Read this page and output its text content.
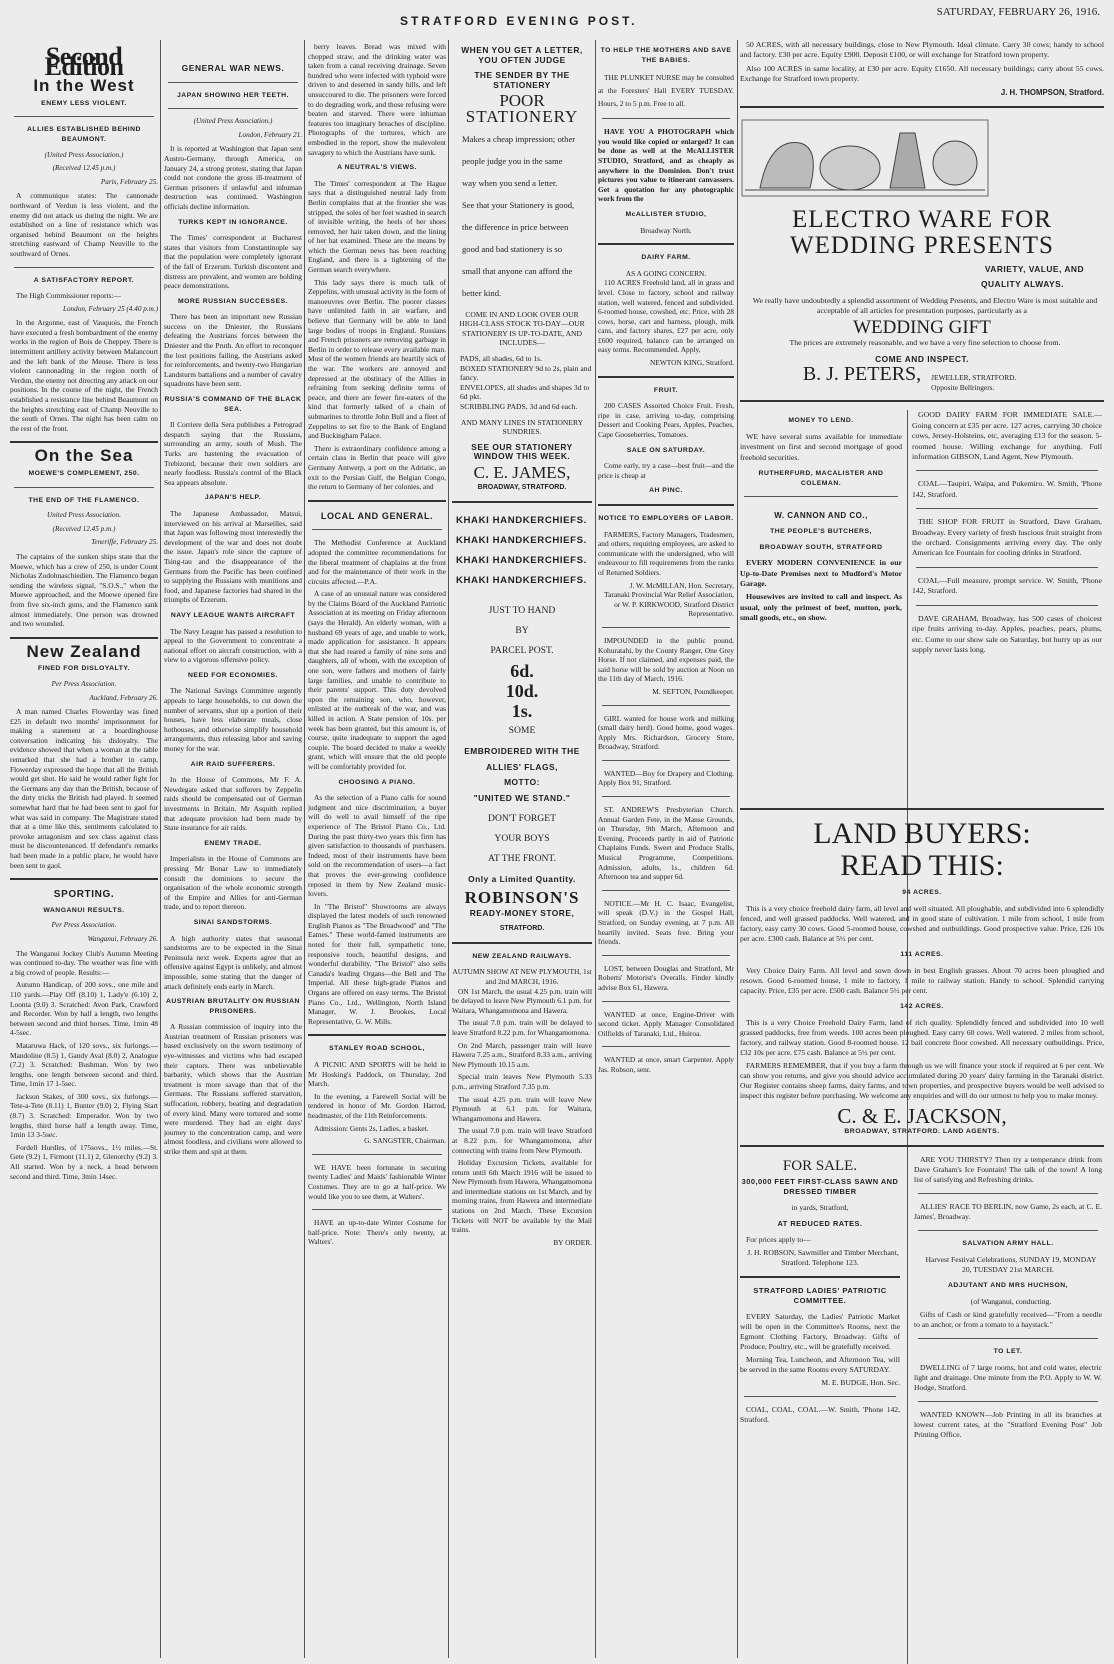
STRATFORD EVENING POST.
SATURDAY, FEBRUARY 26, 1916.
Second Edition
In the West
ENEMY LESS VIOLENT.
ALLIES ESTABLISHED BEHIND BEAUMONT.
(United Press Association.)
(Received 12.45 p.m.)
Paris, February 25.
A communique states: The cannonade northward of Verdun is less violent, and the enemy did not attack us during the night. We are established on a line of resistance which was organised behind Beaumont on the heights stretching eastward of Champ Neuville to the southward of Ornes.
A SATISFACTORY REPORT.
The High Commissioner reports:—
London, February 25 (4.40 p.m.)
In the Argonne, east of Vauquois, the French have executed a fresh bombardment of the enemy works in the region of Bois de Cheppey. There is intermittent artillery activity between Malancourt and the left bank of the Meuse. There is less violent cannonading in the region north of Verdun, the enemy not directing any attack on our positions. In the course of the night, the French established a resistance line behind Beaumont on the heights stretching east of Champ Neuville to the south of Ornes. The night has been calm on the rest of the front.
On the Sea
MOEWE'S COMPLEMENT, 250.
THE END OF THE FLAMENCO.
United Press Association.
(Received 12.45 p.m.)
Teneriffe, February 25.
The captains of the sunken ships state that the Moewe, which has a crew of 250, is under Count Nicholas Zodohnaschiedien. The Flamenco began sending the wireless signal, "S.O.S.," when the Moewe approached, and the Moewe opened fire from five six-inch guns, and the Flamenco sank almost immediately. One person was drowned and two wounded.
New Zealand
FINED FOR DISLOYALTY.
Per Press Association.
Auckland, February 26.
A man named Charles Flowerday was fined £25 in default two months' imprisonment for making a statement at a boardinghouse conversation indicating his disloyalty. The evidence showed that when a woman at the table remarked that she had a brother in camp, Flowerday expressed the hope that all the British would get shot. He said he would rather fight for the Germans any day than the British, because of the dirty tricks the British had played. It seemed somewhat hard that he had been sent to gaol for what was said in company. The Magistrate stated that at a time like this, sentiments calculated to provoke antagonism and sex class against class must be discountenanced. If defendant's remarks had been made in a public place, he would have been sent to gaol.
SPORTING.
WANGANUI RESULTS.
Per Press Association.
Wanganui, February 26.
The Wanganui Jockey Club's Autumn Meeting was continued to-day. The weather was fine with a big crowd of people. Results:—
Autumn Handicap, of 200 sovs., one mile and 110 yards.—Play Off (8.10) 1, Lady'e (6.10) 2, Loonta (9.0) 3. Scratched: Avon Park, Crawford and Recorder. Won by half a length, two lengths between second and third horses. Time, 1min 48 4-5sec.
Mataruwa Hack, of 120 sovs., six furlongs.—Mandoline (8.5) 1, Gandy Aval (8.0) 2, Analogue (7.2) 3. Scratched: Bushman. Won by two lengths, one length between second and third. Time, 1min 17 1-5sec.
Jackson Stakes, of 300 sovs., six furlongs.—Tete-a-Tete (8.11) 1, Bunter (9.0) 2, Flying Start (8.7) 3. Scratched: Emperador. Won by two lengths, third horse half a length away. Time, 1min 13 3-5sec.
Fordell Hurdles, of 175sovs., 1½ miles.—St. Gete (9.2) 1, Firmont (11.1) 2, Glenorchy (9.2) 3. All started. Won by a neck, a head between second and third. Time, 3min 14sec.
GENERAL WAR NEWS.
JAPAN SHOWING HER TEETH.
(United Press Association.)
London, February 21.
It is reported at Washington that Japan sent Austro-Germany, through America, on January 24, a strong protest, stating that Japan could not condone the gross ill-treatment of German prisoners if unlawful and inhuman destruction was continued. Washington officials decline information.
TURKS KEPT IN IGNORANCE.
The Times' correspondent at Bucharest states that visitors from Constantinople say that the population were completely ignorant of the fall of Erzerum. Turkish discontent and distress are prevalent, and women are holding peace demonstrations.
MORE RUSSIAN SUCCESSES.
There has been an important new Russian success on the Dniester, the Russians defeating the Austrians forces between the Dniester and the Pruth. An effort to reconquer the lost positions failing, the Austrians asked for reinforcements, and twenty-two Hungarian Landsturm battalions and a number of cavalry squadrons have been sent.
RUSSIA'S COMMAND OF THE BLACK SEA.
Il Corriere della Sera publishes a Petrograd despatch saying that the Russians, surrounding an army, south of Mush. The Turks are hastening the evacuation of Trebizond, because their own soldiers are nearly foodless. Russia's control of the Black Sea appears absolute.
JAPAN'S HELP.
The Japanese Ambassador, Matsui, interviewed on his arrival at Marseilles, said that Japan was following most interestedly the development of the war and does not doubt the issue. Japan's role since the capture of Tsing-tau and the disappearance of the Germans from the Pacific has been confined to supplying the Russians with munitions and food, and Japanese factories had shared in the triumphs of Erzerum.
NAVY LEAGUE WANTS AIRCRAFT
The Navy League has passed a resolution to appeal to the Government to concentrate a national effort on aircraft construction, with a view to a vigorous offensive policy.
NEED FOR ECONOMIES.
The National Savings Committee urgently appeals to large households, to cut down the number of servants, shut up a portion of their houses, have less elaborate meals, close hothouses, and otherwise simplify household arrangements, thus releasing labor and saving money for the war.
AIR RAID SUFFERERS.
In the House of Commons, Mr F. A. Newdegate asked that sufferers by Zeppelin raids should be compensated out of German investments in Britain. Mr Asquith replied that adequate provision had been made by State insurance for air raids.
ENEMY TRADE.
Imperialists in the House of Commons are pressing Mr Bonar Law to immediately consult the dominions to secure the organisation of the whole economic strength of the Empire and Allies for anti-German trade, and to report thereon.
SINAI SANDSTORMS.
A high authority states that seasonal sandstorms are to be expected in the Sinai Peninsula next week. Experts agree that an offensive against Egypt is unlikely, and almost impossible, some stating that the danger of attack definitely ends early in March.
AUSTRIAN BRUTALITY ON RUSSIAN PRISONERS.
A Russian commission of inquiry into the Austrian treatment of Russian prisoners was based exclusively on the sworn testimony of eye-witnesses and victims who had escaped their captors. There was unbelievable barbarity, which shows that the Austrian treatment is more savage than that of the Germans. The Russians suffered starvation, suffocation, robbery, beating and degradation of every kind. Many were tortured and some were murdered. They had an eight days' journey to the concentration camp, and were almost foodless, and civilians were allowed to strike them and spit at them.
berry leaves. Bread was mixed with chopped straw, and the drinking water was taken from a canal receiving drainage. Seven hundred who were infected with typhoid were driven to and deserted in sandy hills, and left unsuccoured to die. The prisoners were forced to do degrading work, and those refusing were beaten and starved. There were inhuman features too imaginary breaches of discipline. Photographs of the tortures, which are embodied in the report, show the malevolent savagery to which the Austrians have sunk.
A NEUTRAL'S VIEWS.
The Times' correspondent at The Hague says that a distinguished neutral lady from Berlin complains that at the frontier she was stripped, the soles of her feet washed in search of invisible writing, the heels of her shoes removed, her hair taken down, and the lining of her hat examined. These are the means by which the German news has been reaching England, and there is a tightening of the German search everywhere.
This lady says there is much talk of Zeppelins, with unusual activity in the form of manoeuvres over Berlin. The poorer classes have unlimited faith in air warfare, and believe that Germany will be able to land large bodies of troops in England. Russians and French prisoners are removing garbage in Berlin in order to release every available man. Most of the women friends are heartily sick of the war. The workers are annoyed and depressed at the obstinacy of the Allies in refraining from seeking definite terms of peace, and there are fewer fire-eaters of the kind that formerly talked of a chain of submarines to throttle John Bull and a fleet of Zeppelins to set fire to the Bank of England and Buckingham Palace.
There is extraordinary confidence among a certain class in Berlin that peace will give Germany Antwerp, a port on the Adriatic, an exit to the Persian Gulf, the Belgian Congo, the return to Germany of her colonies, and
LOCAL AND GENERAL.
The Methodist Conference at Auckland adopted the committee recommendations for the liberal treatment of chaplains at the front and for the maintenance of their work in the circuits affected.—P.A.
A case of an unusual nature was considered by the Claims Board of the Auckland Patriotic Association at its meeting on Friday afternoon (says the Herald). An elderly woman, with a husband 69 years of age, and unable to work, made application for assistance. It appears that she had reared a family of nine sons and daughters, all of whom, with the exception of one son, were fathers and mothers of fairly large families, and unable to contribute to their parents' support. This duty devolved upon the remaining son, who, however, enlisted at the outbreak of the war, and was killed in action. A State pension of 10s. per week has been granted, but this amount is, of course, quite inadequate to support the aged couple. The board decided to make a weekly grant, which will ensure that the old people will be comfortably provided for.
CHOOSING A PIANO.
As the selection of a Piano calls for sound judgment and nice discrimination, a buyer will do well to avail himself of the ripe experience of The Bristol Piano Co., Ltd. During the past thirty-two years this firm has given satisfaction to thousands of purchasers. Indeed, most of their instruments have been sold on the recommendation of users—a fact that proves the ever-growing confidence reposed in them by New Zealand music-lovers.
In "The Bristol" Showrooms are always displayed the latest models of such renowned English Pianos as "The Broadwood" and "The Eames." These world-famed instruments are noted for their full, sympathetic tone, responsive touch, beautiful designs, and wonderful durability. "The Bristol" also sells Canada's leading Organs—the Bell and The Imperial. All these high-grade Pianos and Organs are offered on easy terms. The Bristol Piano Co., Ltd., Wellington, North Island Manager, W. J. Brookes, Local Representative, G. W. Mills.
STANLEY ROAD SCHOOL,
A PICNIC AND SPORTS will be held in Mr Hosking's Paddock, on Thursday, 2nd March.
In the evening, a Farewell Social will be tendered in honor of Mr. Gordon Harrod, headmaster, of the 11th Reinforcements.
Admission: Gents 2s, Ladies, a basket.
G. SANGSTER, Chairman.
WE HAVE been fortunate in securing twenty Ladies' and Maids' fashionable Winter Costumes. They are to go at half-price. We would like you to see them, at Walters'.
HAVE an up-to-date Winter Costume for half-price. Note: There's only twenty, at Walters'.
WHEN YOU GET A LETTER, YOU OFTEN JUDGE
THE SENDER BY THE STATIONERY
POOR
STATIONERY
Makes a cheap impression; other
people judge you in the same
way when you send a letter.
See that your Stationery is good,
the difference in price between
good and bad stationery is so
small that anyone can afford the
better kind.
COME IN AND LOOK OVER OUR HIGH-CLASS STOCK TO-DAY—OUR STATIONERY IS UP-TO-DATE, AND INCLUDES—
PADS, all shades, 6d to 1s.
BOXED STATIONERY 9d to 2s, plain and fancy.
ENVELOPES, all shades and shapes 3d to 6d pkt.
SCRIBBLING PADS, 3d and 6d each.
AND MANY LINES IN STATIONERY SUNDRIES.
SEE OUR STATIONERY WINDOW THIS WEEK.
C. E. JAMES,
BROADWAY, STRATFORD.
KHAKI HANDKERCHIEFS.
KHAKI HANDKERCHIEFS.
KHAKI HANDKERCHIEFS.
KHAKI HANDKERCHIEFS.
JUST TO HAND
BY
PARCEL POST.
6d.
10d.
1s.
SOME
EMBROIDERED WITH THE
ALLIES' FLAGS,
MOTTO:
"UNITED WE STAND."
DON'T FORGET
YOUR BOYS
AT THE FRONT.
Only a Limited Quantity.
ROBINSON'S
READY-MONEY STORE,
STRATFORD.
NEW ZEALAND RAILWAYS.
AUTUMN SHOW AT NEW PLYMOUTH, 1st and 2nd MARCH, 1916.
ON 1st March, the usual 4.25 p.m. train will be delayed to leave New Plymouth 6.1 p.m. for Waitara, Whangamomona and Hawera.
The usual 7.0 p.m. train will be delayed to leave Stratford 8.22 p.m. for Whangamomona.
On 2nd March, passenger train will leave Hawera 7.25 a.m., Stratford 8.33 a.m., arriving New Plymouth 10.15 a.m.
Special train leaves New Plymouth 5.33 p.m., arriving Stratford 7.35 p.m.
The usual 4.25 p.m. train will leave New Plymouth at 6.1 p.m. for Waitara, Whangamomona and Hawera.
The usual 7.0 p.m. train will leave Stratford at 8.22 p.m. for Whangamomona, after connecting with trains from New Plymouth.
Holiday Excursion Tickets, available for return until 6th March 1916 will be issued to New Plymouth from Hawera, Whangamomona and intermediate stations on 1st March, and by morning trains, from Hawera and intermediate stations on 2nd March. These Excursion Tickets will NOT be available by the Mail trains.
BY ORDER.
TO HELP THE MOTHERS AND SAVE THE BABIES.
THE PLUNKET NURSE may be consulted at the Foresters' Hall EVERY TUESDAY. Hours, 2 to 5 p.m. Free to all.
HAVE YOU A PHOTOGRAPH which you would like copied or enlarged? It can be done as well at the McALLISTER STUDIO, Stratford, and as cheaply as anywhere in the Dominion. Don't trust pictures you value to itinerant canvassers. Get a quotation for any photographic work from the
McALLISTER STUDIO,
Broadway North.
DAIRY FARM.
AS A GOING CONCERN.
110 ACRES Freehold land, all in grass and level. Close to factory, school and railway station, well watered, fenced and subdivided. 6-roomed house, cowshed, etc. Price, with 28 cows, horse, cart and harness, plough, milk cans, and factory shares, £27 per acre, only £600 required, balance can be arranged on easy terms. Recommended. Apply,
NEWTON KING, Stratford.
FRUIT.
200 CASES Assorted Choice Fruit. Fresh, ripe in case, arriving to-day, comprising Dessert and Cooking Pears, Apples, Peaches, Cape Gooseberries, Tomatoes.
SALE ON SATURDAY.
Come early, try a case—best fruit—and the price is cheap at
AH PINC.
NOTICE TO EMPLOYERS OF LABOR.
FARMERS, Factory Managers, Tradesmen, and others, requiring employees, are asked to communicate with the undersigned, who will endeavour to fill requirements from the ranks of Returned Soldiers.
J. W. McMILLAN, Hon. Secretary, Taranaki Provincial War Relief Association, or W. P. KIRKWOOD, Stratford District Representative.
IMPOUNDED in the public pound, Kohuratahi, by the County Ranger, One Grey Horse. If not claimed, and expenses paid, the said horse will be sold by auction at Noon on the 11th day of March, 1916.
M. SEFTON, Poundkeeper.
GIRL wanted for house work and milking (small dairy herd). Good home, good wages. Apply Mrs. Richardson, Grocery Store, Broadway, Stratford.
WANTED—Boy for Drapery and Clothing. Apply Box 91, Stratford.
ST. ANDREW'S Presbyterian Church. Annual Garden Fete, in the Manse Grounds, on Thursday, 9th March, Afternoon and Evening. Proceeds partly in aid of Patriotic Chaplains Funds. Sweet and Produce Stalls, Musical Programme, Competitions. Admission, adults, 1s., children 6d. Afternoon tea and supper 6d.
NOTICE.—Mr H. C. Isaac, Evangelist, will speak (D.V.) in the Gospel Hall, Stratford, on Sunday evening, at 7 p.m. All heartily invited. Seats free. Bring your friends.
LOST, between Douglas and Stratford, Mr Roberts' Motorist's Overalls. Finder kindly advise Box 61, Hawera.
WANTED at once, Engine-Driver with second ticket. Apply Manager Consolidated Oilfields of Taranaki, Ltd., Huiroa.
WANTED at once, smart Carpenter. Apply Jas. Robson, senr.
50 ACRES, with all necessary buildings, close to New Plymouth. Ideal climate. Carry 30 cows; handy to school and factory. £30 per acre. Equity £900. Deposit £100, or will exchange for Stratford town property.
Also 100 ACRES in same locality, at £30 per acre. Equity £1650. All necessary buildings; carry about 55 cows. Exchange for Stratford town property.
J. H. THOMPSON, Stratford.
ELECTRO WARE FOR
WEDDING PRESENTS
VARIETY, VALUE, AND
QUALITY ALWAYS.
We really have undoubtedly a splendid assortment of Wedding Presents, and Electro Ware is most suitable and acceptable of all articles for presentation purposes, particularly as a
WEDDING GIFT
The prices are extremely reasonable, and we have a very fine selection to choose from.
COME AND INSPECT.
B. J. PETERS, JEWELLER, STRATFORD. Opposite Bellringers.
MONEY TO LEND.
WE have several sums available for immediate investment on first and second mortgage of good freehold securities.
RUTHERFURD, MACALISTER AND COLEMAN.
W. CANNON AND CO.,
THE PEOPLE'S BUTCHERS,
BROADWAY SOUTH, STRATFORD
EVERY MODERN CONVENIENCE in our Up-to-Date Premises next to Mudford's Motor Garage.
Housewives are invited to call and inspect. As usual, only the primest of beef, mutton, pork, small goods, etc., on show.
GOOD DAIRY FARM FOR IMMEDIATE SALE.—Going concern at £35 per acre. 127 acres, carrying 30 choice cows, Jersey-Holsteins, etc, averaging £13 for the season. 5-roomed house. Willing exchange for anything. Full information GIBSON, Land Agent, New Plymouth.
COAL—Taupiri, Waipa, and Pukemiro. W. Smith, 'Phone 142, Stratford.
THE SHOP FOR FRUIT in Stratford, Dave Graham, Broadway. Every variety of fresh luscious fruit straight from the orchard. Consignments arriving every day. The only American Ice Fountain for cooling drinks in Stratford.
COAL—Full measure, prompt service. W. Smith, 'Phone 142, Stratford.
DAVE GRAHAM, Broadway, has 500 cases of choicest ripe fruits arriving to-day. Apples, peaches, pears, plums, etc. Come to our show sale on Saturday, but hurry up as our supply never lasts long.
LAND BUYERS:
READ THIS:
94 ACRES.
This is a very choice freehold dairy farm, all level and well situated. All ploughable, and subdivided into 6 splendidly fenced, and well grassed paddocks. Well watered, and in good state of cultivation. 1 mile from school, 1 mile from factory, easy carry 30 cows. Good 5-roomed house, cowshed and outbuildings. Good prospective value. Price, £26 10s per acre. £300 cash. Balance at 5½ per cent.
111 ACRES.
Very Choice Dairy Farm. All level and sown down in best English grasses. About 70 acres been ploughed and resown. Good 6-roomed house, 1 mile to factory, 1 mile to railway station. Handy to school. Splendid carrying capacity. Price, £35 per acre. £500 cash. Balance 5½ per cent.
142 ACRES.
This is a very Choice Freehold Dairy Farm, land of rich quality. Splendidly fenced and subdivided into 10 well grassed paddocks, free from weeds. 100 acres been ploughed. Easy carry 60 cows. Well watered. 2 miles from school, factory, and railway station. Good 8-roomed house. 12 bail concrete floor cowshed. All necessary outbuildings. Price, £32 10s per acre. £75 cash. Balance at 5½ per cent.
FARMERS REMEMBER, that if you buy a farm through us we will finance your stock if required at 6 per cent. We can show you returns, and give you should advice accumulated during 20 years' dairy farming in the Taranaki district. Our Register contains sheep farms, dairy farms, and town properties, and prospective buyers would be well advised to inspect this register before purchasing. We welcome any enquiries and will do our utmost to help you to make money.
C. & E. JACKSON,
BROADWAY, STRATFORD. LAND AGENTS.
FOR SALE.
300,000 FEET FIRST-CLASS SAWN AND DRESSED TIMBER
in yards, Stratford,
AT REDUCED RATES.
For prices apply to—
J. H. ROBSON, Sawmiller and Timber Merchant, Stratford. Telephone 123.
STRATFORD LADIES' PATRIOTIC COMMITTEE.
EVERY Saturday, the Ladies' Patriotic Market will be open in the Committee's Rooms, next the Egmont Clothing Factory, Broadway. Gifts of Produce, Poultry, etc., will be gratefully received.
Morning Tea, Luncheon, and Afternoon Tea, will be served in the same Rooms every SATURDAY.
M. E. BUDGE, Hon. Sec.
COAL, COAL, COAL.—W. Smith, 'Phone 142, Stratford.
ARE YOU THIRSTY? Then try a temperance drink from Dave Graham's Ice Fountain! The talk of the town! A long list of satisfying and Refreshing drinks.
ALLIES' RACE TO BERLIN, now Game, 2s each, at C. E. James', Broadway.
SALVATION ARMY HALL.
Harvest Festival Celebrations, SUNDAY 19, MONDAY 20, TUESDAY 21st MARCH.
ADJUTANT AND MRS HUCHSON,
(of Wanganui, conducting.
Gifts of Cash or kind gratefully received—"From a needle to an anchor, or from a tomato to a haystack."
TO LET.
DWELLING of 7 large rooms, hot and cold water, electric light and drainage. One minute from the P.O. Apply to W. W. Hodge, Stratford.
WANTED KNOWN—Job Printing in all its branches at lowest current rates, at the "Stratford Evening Post" Job Printing Office.
